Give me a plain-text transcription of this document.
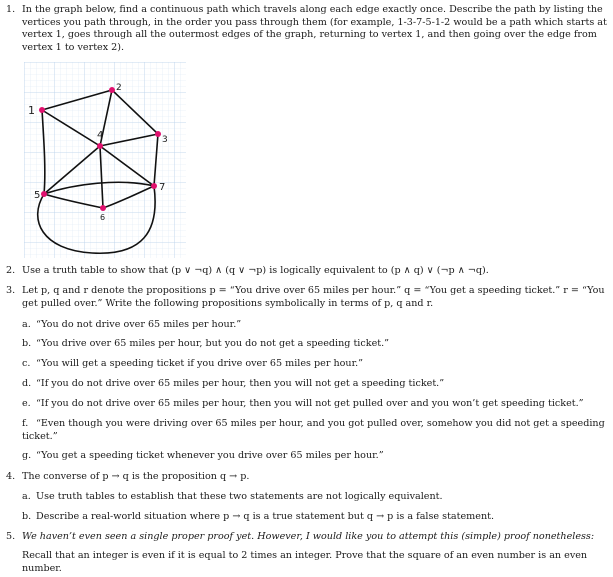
1. In the graph below, find a continuous path which travels along each edge exactly once. Describe the path by listing the vertices you path through, in the order you pass through them (for example, 1-3-7-5-1-2 would be a path which starts at vertex 1, goes through all the outermost edges of the graph, returning to vertex 1, and then going over the edge from vertex 1 to vertex 2).

1
2
3
4
5
6
7
2. Use a truth table to show that (p ∨ ¬q) ∧ (q ∨ ¬p) is logically equivalent to (p ∧ q) ∨ (¬p ∧ ¬q).

3. Let p, q and r denote the propositions p = “You drive over 65 miles per hour.” q = “You get a speeding ticket.” r = “You get pulled over.” Write the following propositions symbolically in terms of p, q and r.

a. “You do not drive over 65 miles per hour.”
b. “You drive over 65 miles per hour, but you do not get a speeding ticket.”
c. “You will get a speeding ticket if you drive over 65 miles per hour.”
d. “If you do not drive over 65 miles per hour, then you will not get a speeding ticket.”
e. “If you do not drive over 65 miles per hour, then you will not get pulled over and you won’t get speeding ticket.”
f. “Even though you were driving over 65 miles per hour, and you got pulled over, somehow you did not get a speeding ticket.”
g. “You get a speeding ticket whenever you drive over 65 miles per hour.”
4. The converse of p → q is the proposition q → p.

a. Use truth tables to establish that these two statements are not logically equivalent.
b. Describe a real-world situation where p → q is a true statement but q → p is a false statement.
5. We haven’t even seen a single proper proof yet. However, I would like you to attempt this (simple) proof nonetheless:

Recall that an integer is even if it is equal to 2 times an integer. Prove that the square of an even number is an even number.
